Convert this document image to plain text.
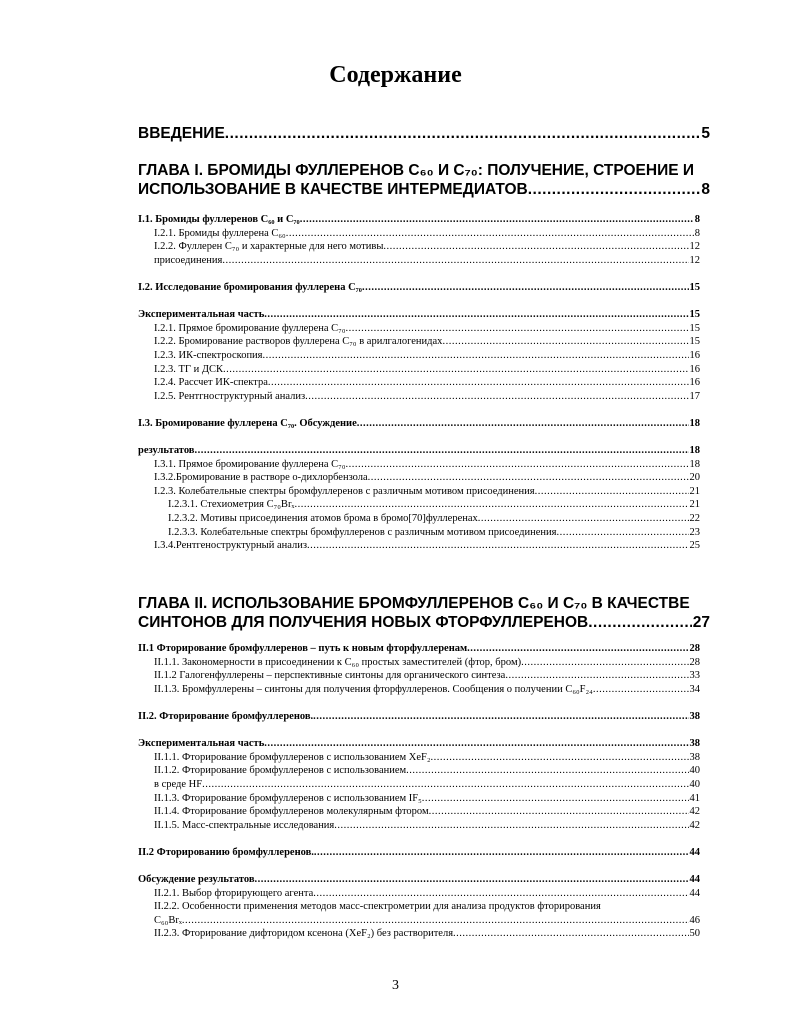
Содержание
ВВЕДЕНИЕ .....	5
ГЛАВА I. БРОМИДЫ ФУЛЛЕРЕНОВ C₆₀ И C₇₀: ПОЛУЧЕНИЕ, СТРОЕНИЕ И
ИСПОЛЬЗОВАНИЕ В КАЧЕСТВЕ ИНТЕРМЕДИАТОВ .....	8
I.1. Бромиды фуллеренов C₆₀ и C₇₀ .....	8
I.2.1. Бромиды фуллерена C₆₀ .....	8
I.2.2. Фуллерен C₇₀ и характерные для него мотивы .....	12
присоединения .....	12
I.2. Исследование бромирования фуллерена C₇₀ .....	15
Экспериментальная часть .....	15
I.2.1. Прямое бромирование фуллерена C₇₀ .....	15
I.2.2. Бромирование растворов фуллерена C₇₀ в арилгалогенидах .....	15
I.2.3. ИК-спектроскопия .....	16
I.2.3. ТГ и ДСК .....	16
I.2.4. Рассчет ИК-спектра .....	16
I.2.5. Рентгноструктурный анализ .....	17
I.3. Бромирование фуллерена C₇₀. Обсуждение .....	18
результатов .....	18
I.3.1. Прямое бромирование фуллерена C₇₀ .....	18
I.3.2.Бромирование в растворе о-дихлорбензола .....	20
I.2.3. Колебательные спектры бромфуллеренов с различным мотивом присоединения .....	21
I.2.3.1. Стехиометрия C₇₀Brₓ .....	21
I.2.3.2. Мотивы присоединения атомов брома в бромо[70]фуллеренах .....	22
I.2.3.3. Колебательные спектры бромфуллеренов с различным мотивом присоединения .....	23
I.3.4.Рентгеноструктурный анализ .....	25
ГЛАВА II. ИСПОЛЬЗОВАНИЕ БРОМФУЛЛЕРЕНОВ C₆₀ И C₇₀ В КАЧЕСТВЕ
СИНТОНОВ ДЛЯ ПОЛУЧЕНИЯ НОВЫХ ФТОРФУЛЛЕРЕНОВ .....	27
II.1 Фторирование бромфуллеренов – путь к новым фторфуллеренам .....	28
II.1.1. Закономерности в присоединении к C₆₀ простых заместителей (фтор, бром) .....	28
II.1.2 Галогенфуллерены – перспективные синтоны для органического синтеза .....	33
II.1.3. Бромфуллерены – синтоны для получения фторфуллеренов. Сообщения о получении C₆₀F₂₄ .....	34
II.2. Фторирование бромфуллеренов. .....	38
Экспериментальная часть .....	38
II.1.1. Фторирование бромфуллеренов с использованием XeF₂ .....	38
II.1.2. Фторирование бромфуллеренов с использованием .....	40
в среде HF .....	40
II.1.3. Фторирование бромфуллеренов с использованием IF₅ .....	41
II.1.4. Фторирование бромфуллеренов молекулярным фтором .....	42
II.1.5. Масс-спектральные исследования .....	42
II.2 Фторированию бромфуллеренов. .....	44
Обсуждение результатов .....	44
II.2.1. Выбор фторирующего агента .....	44
II.2.2. Особенности применения методов масс-спектрометрии для анализа продуктов фторирования
C₆₀Brₓ .....	46
II.2.3. Фторирование дифторидом ксенона (XeF₂) без растворителя .....	50
3
